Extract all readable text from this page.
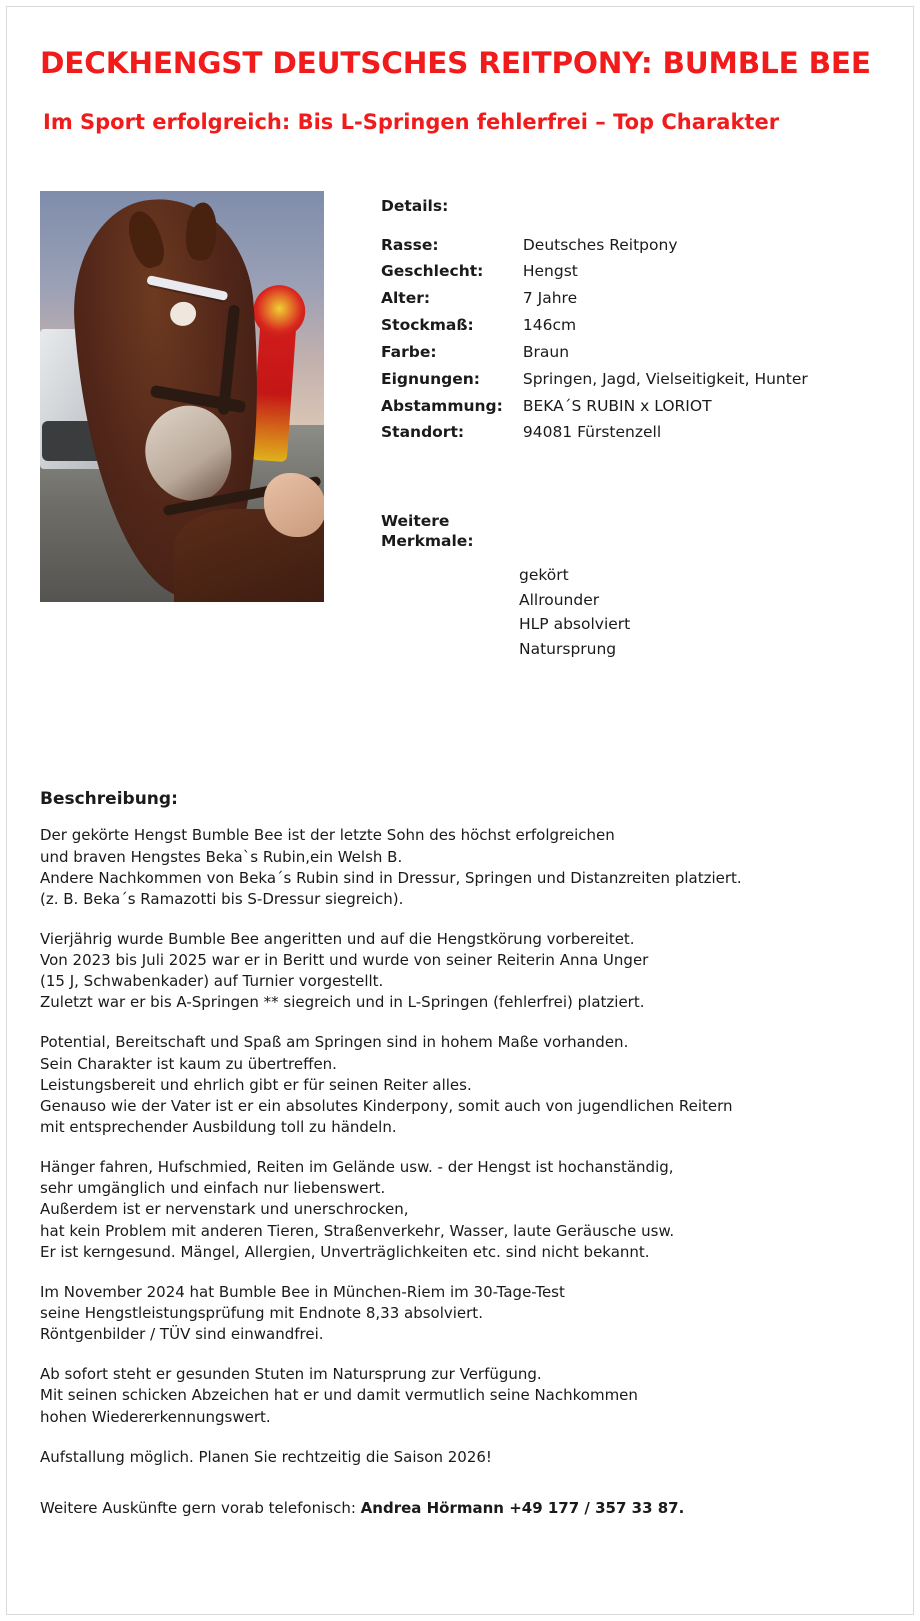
DECKHENGST DEUTSCHES REITPONY: BUMBLE BEE
Im Sport erfolgreich: Bis L-Springen fehlerfrei – Top Charakter
Details:
Rasse:	Deutsches Reitpony
Geschlecht:	Hengst
Alter:	7 Jahre
Stockmaß:	146cm
Farbe:	Braun
Eignungen:	Springen, Jagd, Vielseitigkeit, Hunter
Abstammung:	BEKA´S RUBIN x LORIOT
Standort:	94081 Fürstenzell
Weitere
Merkmale:
gekört
Allrounder
HLP absolviert
Natursprung
Beschreibung:

Der gekörte Hengst Bumble Bee ist der letzte Sohn des höchst erfolgreichen
und braven Hengstes Beka`s Rubin,ein Welsh B.
Andere Nachkommen von Beka´s Rubin sind in Dressur, Springen und Distanzreiten platziert.
(z. B. Beka´s Ramazotti bis S-Dressur siegreich).

Vierjährig wurde Bumble Bee angeritten und auf die Hengstkörung vorbereitet.
Von 2023 bis Juli 2025 war er in Beritt und wurde von seiner Reiterin Anna Unger
(15 J, Schwabenkader) auf Turnier vorgestellt.
Zuletzt war er bis A-Springen ** siegreich und in L-Springen (fehlerfrei) platziert.

Potential, Bereitschaft und Spaß am Springen sind in hohem Maße vorhanden.
Sein Charakter ist kaum zu übertreffen.
Leistungsbereit und ehrlich gibt er für seinen Reiter alles.
Genauso wie der Vater ist er ein absolutes Kinderpony, somit auch von jugendlichen Reitern
mit entsprechender Ausbildung toll zu händeln.

Hänger fahren, Hufschmied, Reiten im Gelände usw. - der Hengst ist hochanständig,
sehr umgänglich und einfach nur liebenswert.
Außerdem ist er nervenstark und unerschrocken,
hat kein Problem mit anderen Tieren, Straßenverkehr, Wasser, laute Geräusche usw.
Er ist kerngesund. Mängel, Allergien, Unverträglichkeiten etc. sind nicht bekannt.

Im November 2024 hat Bumble Bee in München-Riem im 30-Tage-Test
seine Hengstleistungsprüfung mit Endnote 8,33 absolviert.
Röntgenbilder / TÜV sind einwandfrei.

Ab sofort steht er gesunden Stuten im Natursprung zur Verfügung.
Mit seinen schicken Abzeichen hat er und damit vermutlich seine Nachkommen
hohen Wiedererkennungswert.

Aufstallung möglich. Planen Sie rechtzeitig die Saison 2026!

Weitere Auskünfte gern vorab telefonisch: Andrea Hörmann +49 177 / 357 33 87.
